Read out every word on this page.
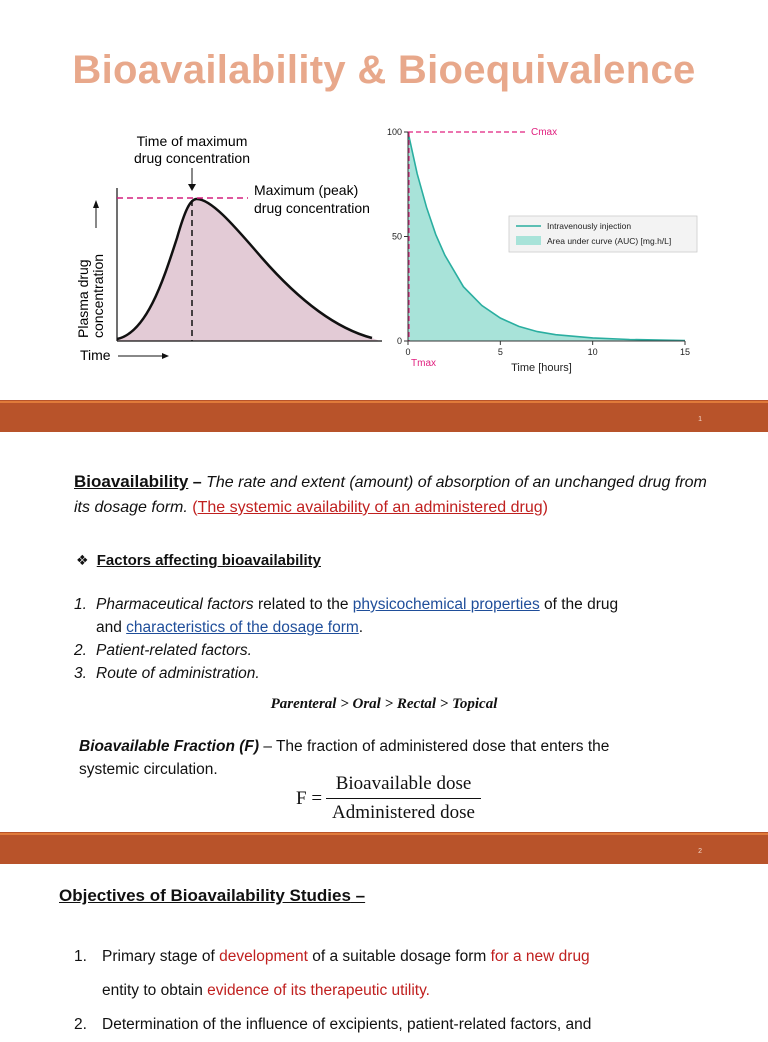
Bioavailability & Bioequivalence
Time of maximum
drug concentration
Maximum (peak)
drug concentration
Plasma drug concentration
Time	0	5	10	15
0
50
100	Cmax
Tmax	Time [hours]
Intravenously injection
Area under curve (AUC) [mg.h/L]
1
Bioavailability – The rate and extent (amount) of absorption of an unchanged drug from its dosage form. (The systemic availability of an administered drug)
❖ Factors affecting bioavailability
1. Pharmaceutical factors related to the physicochemical properties of the drug
and characteristics of the dosage form.
2. Patient-related factors.
3. Route of administration.
Parenteral > Oral > Rectal > Topical
Bioavailable Fraction (F) – The fraction of administered dose that enters the
systemic circulation.
F =
Bioavailable dose
Administered dose
2
Objectives of Bioavailability Studies –
1. Primary stage of development of a suitable dosage form for a new drug
entity to obtain evidence of its therapeutic utility.
2. Determination of the influence of excipients, patient-related factors, and
